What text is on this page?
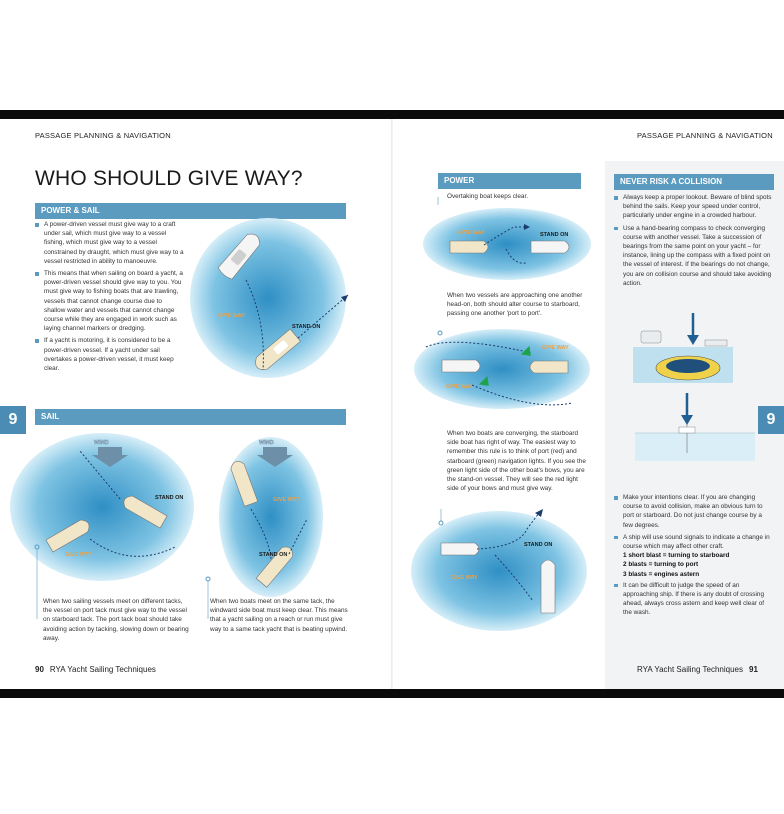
PASSAGE PLANNING & NAVIGATION
WHO SHOULD GIVE WAY?
POWER & SAIL

A power-driven vessel must give way to a craft under sail, which must give way to a vessel fishing, which must give way to a vessel constrained by draught, which must give way to a vessel restricted in ability to manoeuvre.

This means that when sailing on board a yacht, a power-driven vessel should give way to you. You must give way to fishing boats that are trawling, vessels that cannot change course due to shallow water and vessels that cannot change course while they are engaged in work such as laying channel markers or dredging.

If a yacht is motoring, it is considered to be a power-driven vessel. If a yacht under sail overtakes a power-driven vessel, it must keep clear.

GIVE WAY
STAND ON
9	SAIL
WIND
STAND ON
GIVE WAY
WIND
GIVE WAY
STAND ON
When two sailing vessels meet on different tacks, the vessel on port tack must give way to the vessel on starboard tack. The port tack boat should take avoiding action by tacking, slowing down or bearing away.
When two boats meet on the same tack, the windward side boat must keep clear. This means that a yacht sailing on a reach or run must give way to a same tack yacht that is beating upwind.
90 RYA Yacht Sailing Techniques
NEVER RISK A COLLISION

Always keep a proper lookout. Beware of blind spots behind the sails. Keep your speed under control, particularly under engine in a crowded harbour.

Use a hand-bearing compass to check converging course with another vessel. Take a succession of bearings from the same point on your yacht – for instance, lining up the compass with a fixed point on the vessel of interest. If the bearings do not change, you are on collision course and should take avoiding action.

Make your intentions clear. If you are changing course to avoid collision, make an obvious turn to port or starboard. Do not just change course by a few degrees.

A ship will use sound signals to indicate a change in course which may affect other craft.

1 short blast = turning to starboard

2 blasts = turning to port

3 blasts = engines astern

It can be difficult to judge the speed of an approaching ship. If there is any doubt of crossing ahead, always cross astern and keep well clear of the wash.

PASSAGE PLANNING & NAVIGATION
POWER
Overtaking boat keeps clear.
GIVE WAY	STAND ON
When two vessels are approaching one another head-on, both should alter course to starboard, passing one another 'port to port'.
GIVE WAY
GIVE WAY
When two boats are converging, the starboard side boat has right of way. The easiest way to remember this rule is to think of port (red) and starboard (green) navigation lights. If you see the green light side of the other boat's bows, you are the stand-on vessel. They will see the red light side of your bows and must give way.
STAND ON
GIVE WAY
9
RYA Yacht Sailing Techniques 91
